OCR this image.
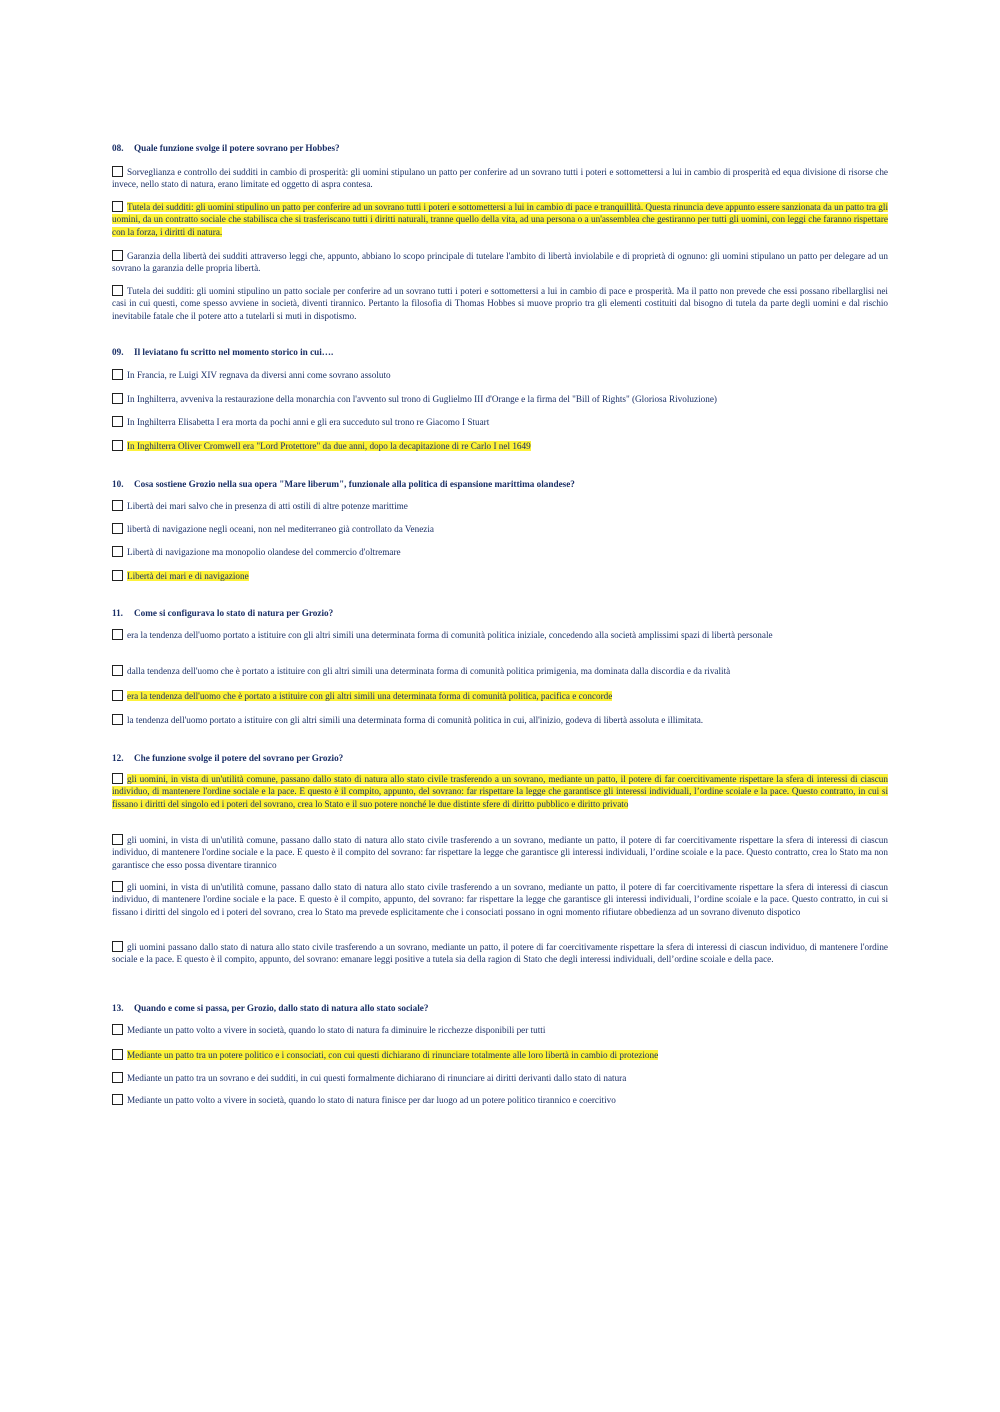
08. Quale funzione svolge il potere sovrano per Hobbes?
Sorveglianza e controllo dei sudditi in cambio di prosperità: gli uomini stipulano un patto per conferire ad un sovrano tutti i poteri e sottomettersi a lui in cambio di prosperità ed equa divisione di risorse che invece, nello stato di natura, erano limitate ed oggetto di aspra contesa.
Tutela dei sudditi: gli uomini stipulino un patto per conferire ad un sovrano tutti i poteri e sottomettersi a lui in cambio di pace e tranquillità. Questa rinuncia deve appunto essere sanzionata da un patto tra gli uomini, da un contratto sociale che stabilisca che si trasferiscano tutti i diritti naturali, tranne quello della vita, ad una persona o a un'assemblea che gestiranno per tutti gli uomini, con leggi che faranno rispettare con la forza, i diritti di natura.
Garanzia della libertà dei sudditi attraverso leggi che, appunto, abbiano lo scopo principale di tutelare l'ambito di libertà inviolabile e di proprietà di ognuno: gli uomini stipulano un patto per delegare ad un sovrano la garanzia delle propria libertà.
Tutela dei sudditi: gli uomini stipulino un patto sociale per conferire ad un sovrano tutti i poteri e sottomettersi a lui in cambio di pace e prosperità. Ma il patto non prevede che essi possano ribellarglisi nei casi in cui questi, come spesso avviene in società, diventi tirannico. Pertanto la filosofia di Thomas Hobbes si muove proprio tra gli elementi costituiti dal bisogno di tutela da parte degli uomini e dal rischio inevitabile fatale che il potere atto a tutelarli si muti in dispotismo.
09. Il leviatano fu scritto nel momento storico in cui….
In Francia, re Luigi XIV regnava da diversi anni come sovrano assoluto
In Inghilterra, avveniva la restaurazione della monarchia con l'avvento sul trono di Guglielmo III d'Orange e la firma del "Bill of Rights" (Gloriosa Rivoluzione)
In Inghilterra Elisabetta I era morta da pochi anni e gli era succeduto sul trono re Giacomo I Stuart
In Inghilterra Oliver Cromwell era "Lord Protettore" da due anni, dopo la decapitazione di re Carlo I nel 1649
10. Cosa sostiene Grozio nella sua opera "Mare liberum", funzionale alla politica di espansione marittima olandese?
Libertà dei mari salvo che in presenza di atti ostili di altre potenze marittime
libertà di navigazione negli oceani, non nel mediterraneo già controllato da Venezia
Libertà di navigazione ma monopolio olandese del commercio d'oltremare
Libertà dei mari e di navigazione
11. Come si configurava lo stato di natura per Grozio?
era la tendenza dell'uomo portato a istituire con gli altri simili una determinata forma di comunità politica iniziale, concedendo alla società amplissimi spazi di libertà personale
dalla tendenza dell'uomo che è portato a istituire con gli altri simili una determinata forma di comunità politica primigenia, ma dominata dalla discordia e da rivalità
era la tendenza dell'uomo che è portato a istituire con gli altri simili una determinata forma di comunità politica, pacifica e concorde
la tendenza dell'uomo portato a istituire con gli altri simili una determinata forma di comunità politica in cui, all'inizio, godeva di libertà assoluta e illimitata.
12. Che funzione svolge il potere del sovrano per Grozio?
gli uomini, in vista di un'utilità comune, passano dallo stato di natura allo stato civile trasferendo a un sovrano, mediante un patto, il potere di far coercitivamente rispettare la sfera di interessi di ciascun individuo, di mantenere l'ordine sociale e la pace. E questo è il compito, appunto, del sovrano: far rispettare la legge che garantisce gli interessi individuali, l’ordine scoiale e la pace. Questo contratto, in cui si fissano i diritti del singolo ed i poteri del sovrano, crea lo Stato e il suo potere nonché le due distinte sfere di diritto pubblico e diritto privato
gli uomini, in vista di un'utilità comune, passano dallo stato di natura allo stato civile trasferendo a un sovrano, mediante un patto, il potere di far coercitivamente rispettare la sfera di interessi di ciascun individuo, di mantenere l'ordine sociale e la pace. E questo è il compito del sovrano: far rispettare la legge che garantisce gli interessi individuali, l’ordine scoiale e la pace. Questo contratto, crea lo Stato ma non garantisce che esso possa diventare tirannico
gli uomini, in vista di un'utilità comune, passano dallo stato di natura allo stato civile trasferendo a un sovrano, mediante un patto, il potere di far coercitivamente rispettare la sfera di interessi di ciascun individuo, di mantenere l'ordine sociale e la pace. E questo è il compito, appunto, del sovrano: far rispettare la legge che garantisce gli interessi individuali, l’ordine scoiale e la pace. Questo contratto, in cui si fissano i diritti del singolo ed i poteri del sovrano, crea lo Stato ma prevede esplicitamente che i consociati possano in ogni momento rifiutare obbedienza ad un sovrano divenuto dispotico
gli uomini passano dallo stato di natura allo stato civile trasferendo a un sovrano, mediante un patto, il potere di far coercitivamente rispettare la sfera di interessi di ciascun individuo, di mantenere l'ordine sociale e la pace. E questo è il compito, appunto, del sovrano: emanare leggi positive a tutela sia della ragion di Stato che degli interessi individuali, dell’ordine scoiale e della pace.
13. Quando e come si passa, per Grozio, dallo stato di natura allo stato sociale?
Mediante un patto volto a vivere in società, quando lo stato di natura fa diminuire le ricchezze disponibili per tutti
Mediante un patto tra un potere politico e i consociati, con cui questi dichiarano di rinunciare totalmente alle loro libertà in cambio di protezione
Mediante un patto tra un sovrano e dei sudditi, in cui questi formalmente dichiarano di rinunciare ai diritti derivanti dallo stato di natura
Mediante un patto volto a vivere in società, quando lo stato di natura finisce per dar luogo ad un potere politico tirannico e coercitivo
